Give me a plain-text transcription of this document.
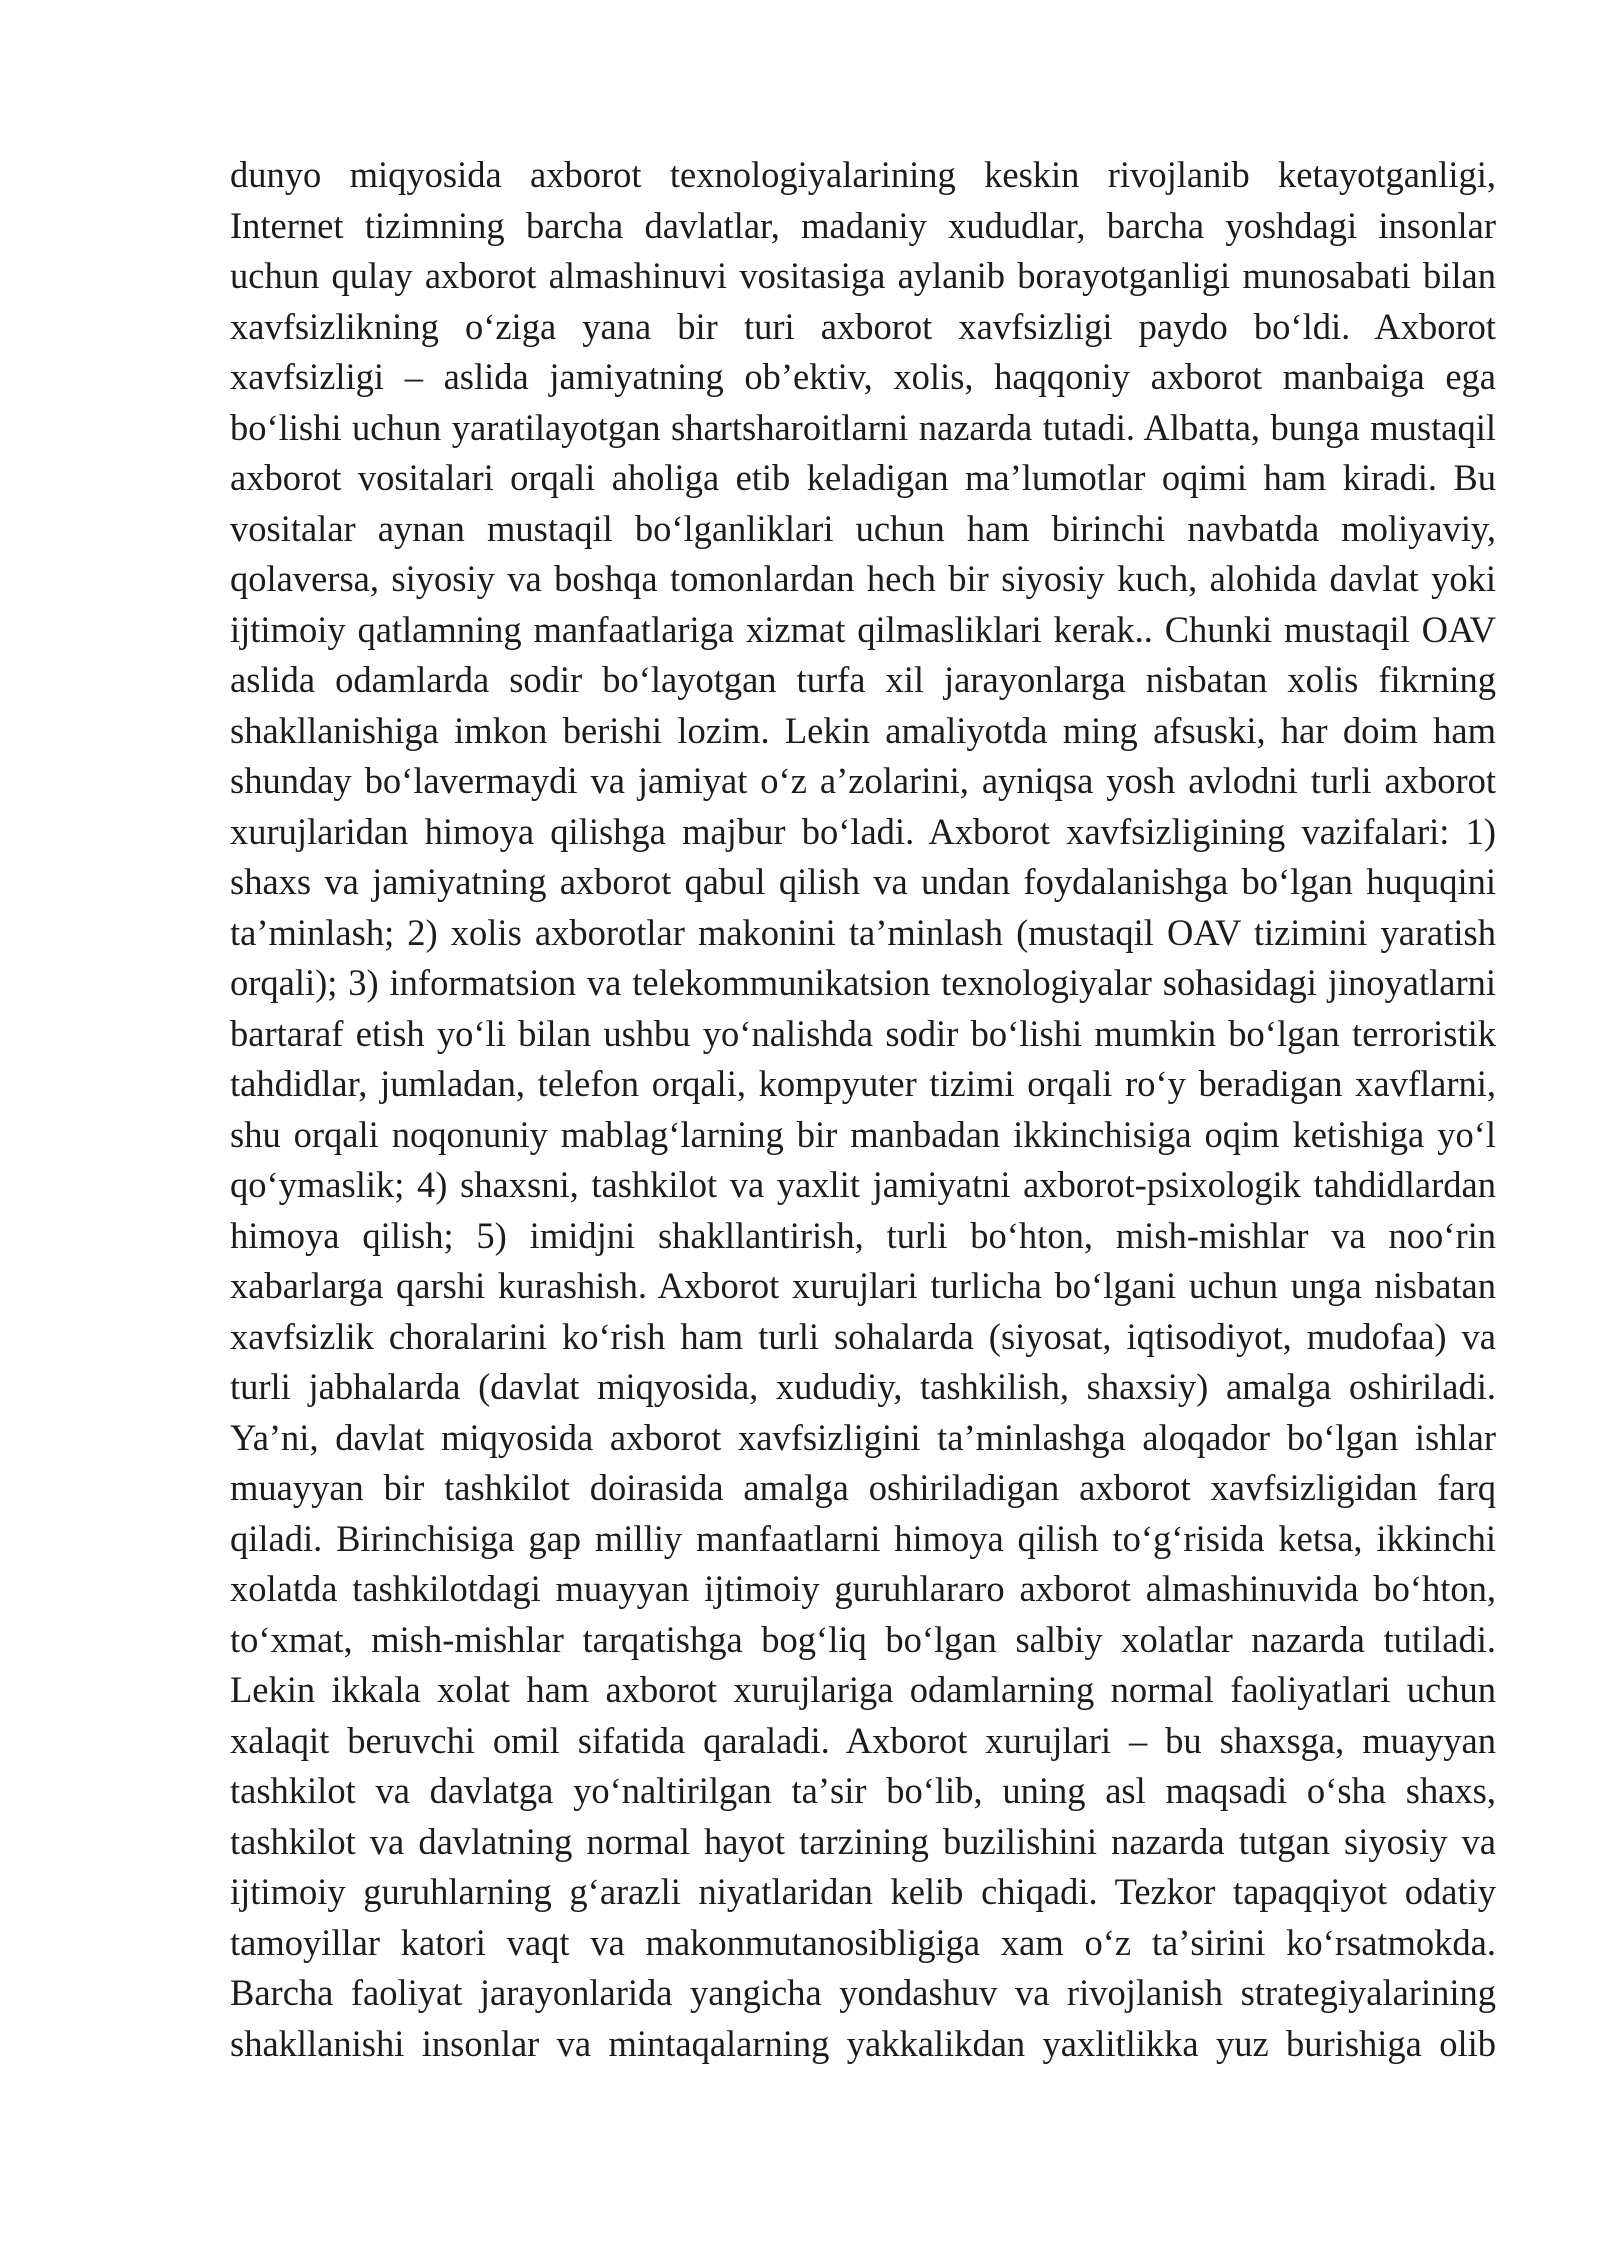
dunyo miqyosida axborot texnologiyalarining keskin rivojlanib ketayotganligi, Internet tizimning barcha davlatlar, madaniy xududlar, barcha yoshdagi insonlar uchun qulay axborot almashinuvi vositasiga aylanib borayotganligi munosabati bilan xavfsizlikning oʻziga yana bir turi axborot xavfsizligi paydo boʻldi. Axborot xavfsizligi – aslida jamiyatning obʼektiv, xolis, haqqoniy axborot manbaiga ega boʻlishi uchun yaratilayotgan shartsharoitlarni nazarda tutadi. Albatta, bunga mustaqil axborot vositalari orqali aholiga etib keladigan maʼlumotlar oqimi ham kiradi. Bu vositalar aynan mustaqil boʻlganliklari uchun ham birinchi navbatda moliyaviy, qolaversa, siyosiy va boshqa tomonlardan hech bir siyosiy kuch, alohida davlat yoki ijtimoiy qatlamning manfaatlariga xizmat qilmasliklari kerak.. Chunki mustaqil OAV aslida odamlarda sodir boʻlayotgan turfa xil jarayonlarga nisbatan xolis fikrning shakllanishiga imkon berishi lozim. Lekin amaliyotda ming afsuski, har doim ham shunday boʻlavermaydi va jamiyat oʻz aʼzolarini, ayniqsa yosh avlodni turli axborot xurujlaridan himoya qilishga majbur boʻladi. Axborot xavfsizligining vazifalari: 1) shaxs va jamiyatning axborot qabul qilish va undan foydalanishga boʻlgan huquqini taʼminlash; 2) xolis axborotlar makonini taʼminlash (mustaqil OAV tizimini yaratish orqali); 3) informatsion va telekommunikatsion texnologiyalar sohasidagi jinoyatlarni bartaraf etish yoʻli bilan ushbu yoʻnalishda sodir boʻlishi mumkin boʻlgan terroristik tahdidlar, jumladan, telefon orqali, kompyuter tizimi orqali roʻy beradigan xavflarni, shu orqali noqonuniy mablagʻlarning bir manbadan ikkinchisiga oqim ketishiga yoʻl qoʻymaslik; 4) shaxsni, tashkilot va yaxlit jamiyatni axborot-psixologik tahdidlardan himoya qilish; 5) imidjni shakllantirish, turli boʻhton, mish-mishlar va nooʻrin xabarlarga qarshi kurashish. Axborot xurujlari turlicha boʻlgani uchun unga nisbatan xavfsizlik choralarini koʻrish ham turli sohalarda (siyosat, iqtisodiyot, mudofaa) va turli jabhalarda (davlat miqyosida, xududiy, tashkilish, shaxsiy) amalga oshiriladi. Yaʼni, davlat miqyosida axborot xavfsizligini taʼminlashga aloqador boʻlgan ishlar muayyan bir tashkilot doirasida amalga oshiriladigan axborot xavfsizligidan farq qiladi. Birinchisiga gap milliy manfaatlarni himoya qilish toʻgʻrisida ketsa, ikkinchi xolatda tashkilotdagi muayyan ijtimoiy guruhlararo axborot almashinuvida boʻhton, toʻxmat, mish-mishlar tarqatishga bogʻliq boʻlgan salbiy xolatlar nazarda tutiladi. Lekin ikkala xolat ham axborot xurujlariga odamlarning normal faoliyatlari uchun xalaqit beruvchi omil sifatida qaraladi. Axborot xurujlari – bu shaxsga, muayyan tashkilot va davlatga yoʻnaltirilgan taʼsir boʻlib, uning asl maqsadi oʻsha shaxs, tashkilot va davlatning normal hayot tarzining buzilishini nazarda tutgan siyosiy va ijtimoiy guruhlarning gʻarazli niyatlaridan kelib chiqadi. Tezkor tapaqqiyot odatiy tamoyillar katori vaqt va makonmutanosibligiga xam oʻz taʼsirini koʻrsatmokda. Barcha faoliyat jarayonlarida yangicha yondashuv va rivojlanish strategiyalarining shakllanishi insonlar va mintaqalarning yakkalikdan yaxlitlikka yuz burishiga olib
